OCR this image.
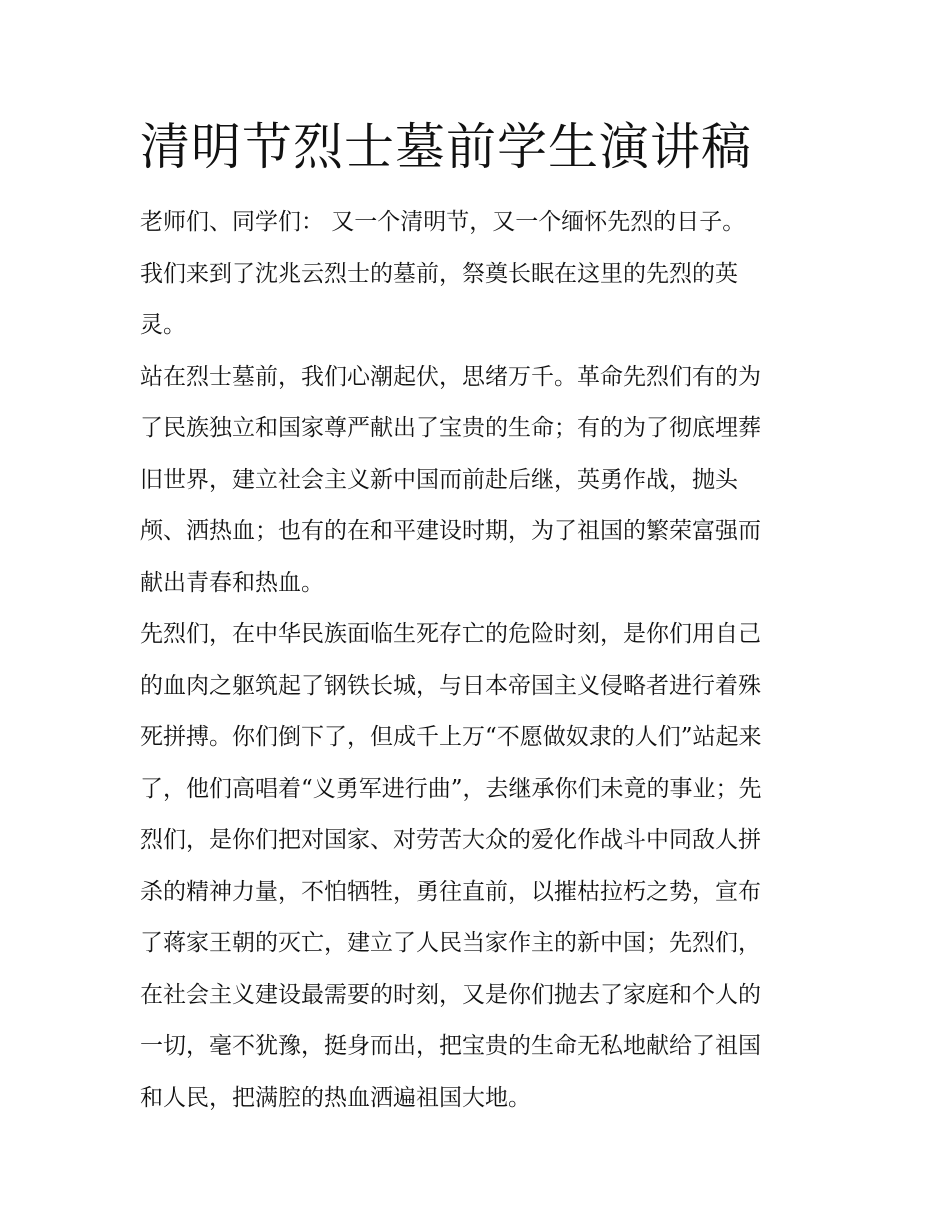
清明节烈士墓前学生演讲稿
老师们、同学们： 又一个清明节，又一个缅怀先烈的日子。
我们来到了沈兆云烈士的墓前，祭奠长眠在这里的先烈的英
灵。
站在烈士墓前，我们心潮起伏，思绪万千。革命先烈们有的为
了民族独立和国家尊严献出了宝贵的生命；有的为了彻底埋葬
旧世界，建立社会主义新中国而前赴后继，英勇作战，抛头
颅、洒热血；也有的在和平建设时期，为了祖国的繁荣富强而
献出青春和热血。
先烈们，在中华民族面临生死存亡的危险时刻，是你们用自己
的血肉之躯筑起了钢铁长城，与日本帝国主义侵略者进行着殊
死拼搏。你们倒下了，但成千上万“不愿做奴隶的人们”站起来
了，他们高唱着“义勇军进行曲”，去继承你们未竟的事业；先
烈们，是你们把对国家、对劳苦大众的爱化作战斗中同敌人拼
杀的精神力量，不怕牺牲，勇往直前，以摧枯拉朽之势，宣布
了蒋家王朝的灭亡，建立了人民当家作主的新中国；先烈们，
在社会主义建设最需要的时刻，又是你们抛去了家庭和个人的
一切，毫不犹豫，挺身而出，把宝贵的生命无私地献给了祖国
和人民，把满腔的热血洒遍祖国大地。
